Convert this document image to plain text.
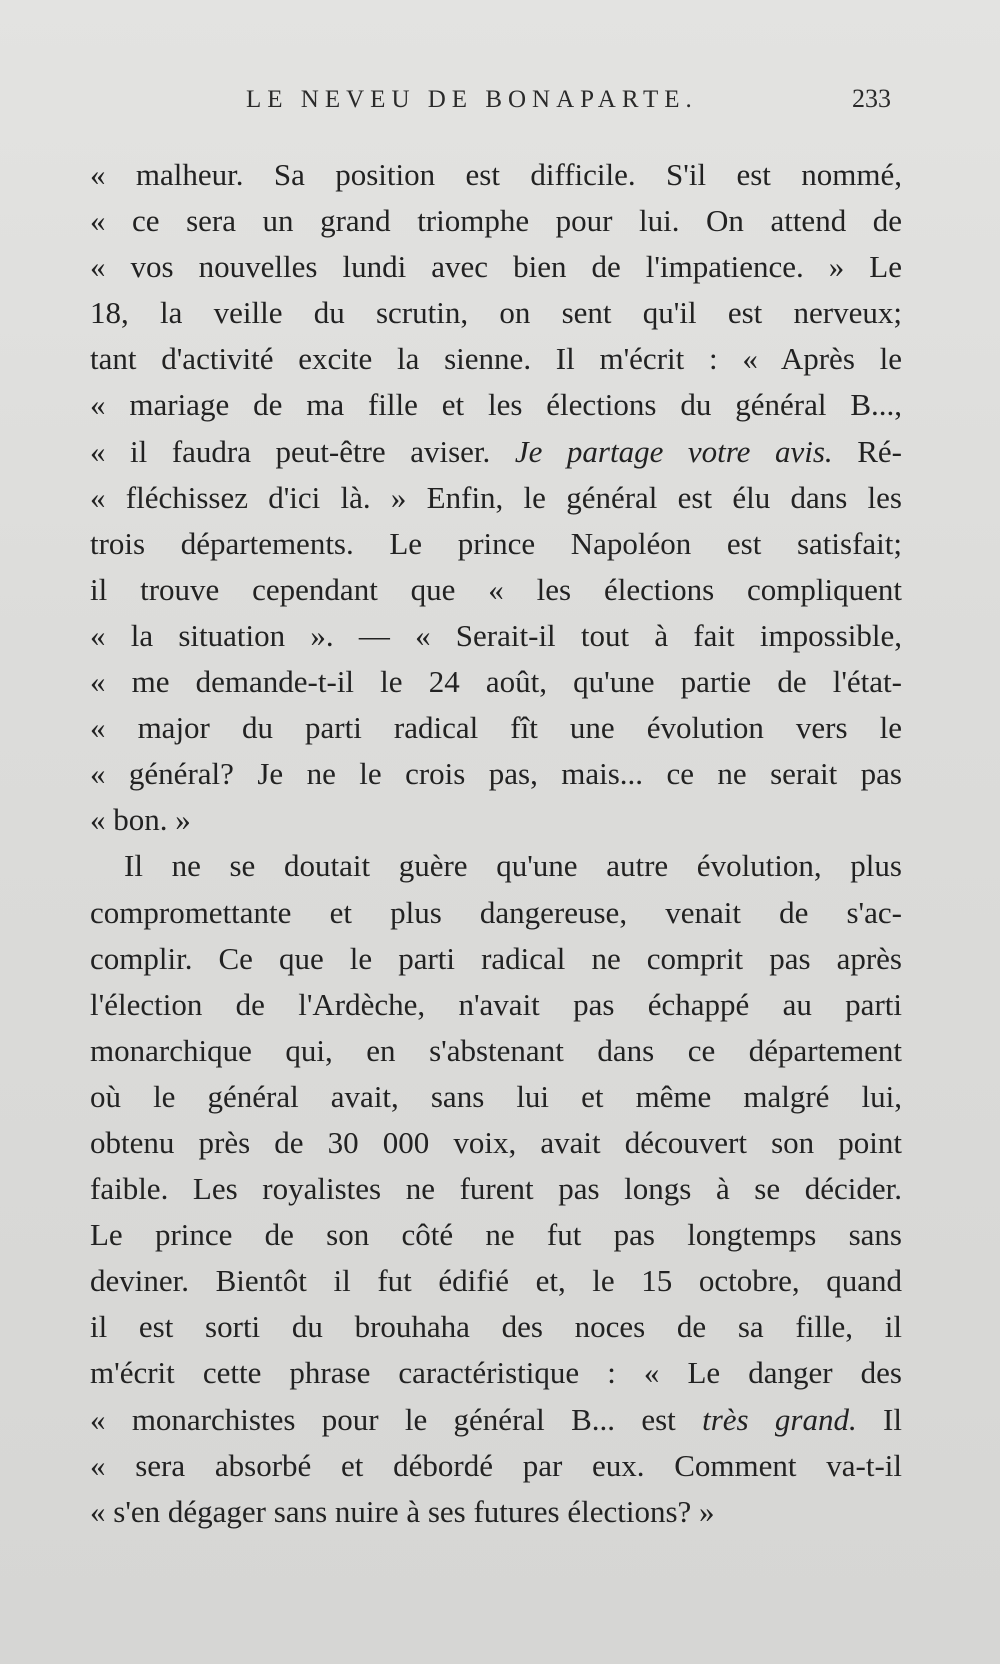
LE NEVEU DE BONAPARTE.	233

« malheur. Sa position est difficile. S'il est nommé,
« ce sera un grand triomphe pour lui. On attend de
« vos nouvelles lundi avec bien de l'impatience. » Le
18, la veille du scrutin, on sent qu'il est nerveux;
tant d'activité excite la sienne. Il m'écrit : « Après le
« mariage de ma fille et les élections du général B...,
« il faudra peut-être aviser. Je partage votre avis. Ré-
« fléchissez d'ici là. » Enfin, le général est élu dans les
trois départements. Le prince Napoléon est satisfait;
il trouve cependant que « les élections compliquent
« la situation ». — « Serait-il tout à fait impossible,
« me demande-t-il le 24 août, qu'une partie de l'état-
« major du parti radical fît une évolution vers le
« général? Je ne le crois pas, mais... ce ne serait pas
« bon. »

Il ne se doutait guère qu'une autre évolution, plus
compromettante et plus dangereuse, venait de s'ac-
complir. Ce que le parti radical ne comprit pas après
l'élection de l'Ardèche, n'avait pas échappé au parti
monarchique qui, en s'abstenant dans ce département
où le général avait, sans lui et même malgré lui,
obtenu près de 30 000 voix, avait découvert son point
faible. Les royalistes ne furent pas longs à se décider.
Le prince de son côté ne fut pas longtemps sans
deviner. Bientôt il fut édifié et, le 15 octobre, quand
il est sorti du brouhaha des noces de sa fille, il
m'écrit cette phrase caractéristique : « Le danger des
« monarchistes pour le général B... est très grand. Il
« sera absorbé et débordé par eux. Comment va-t-il
« s'en dégager sans nuire à ses futures élections? »
